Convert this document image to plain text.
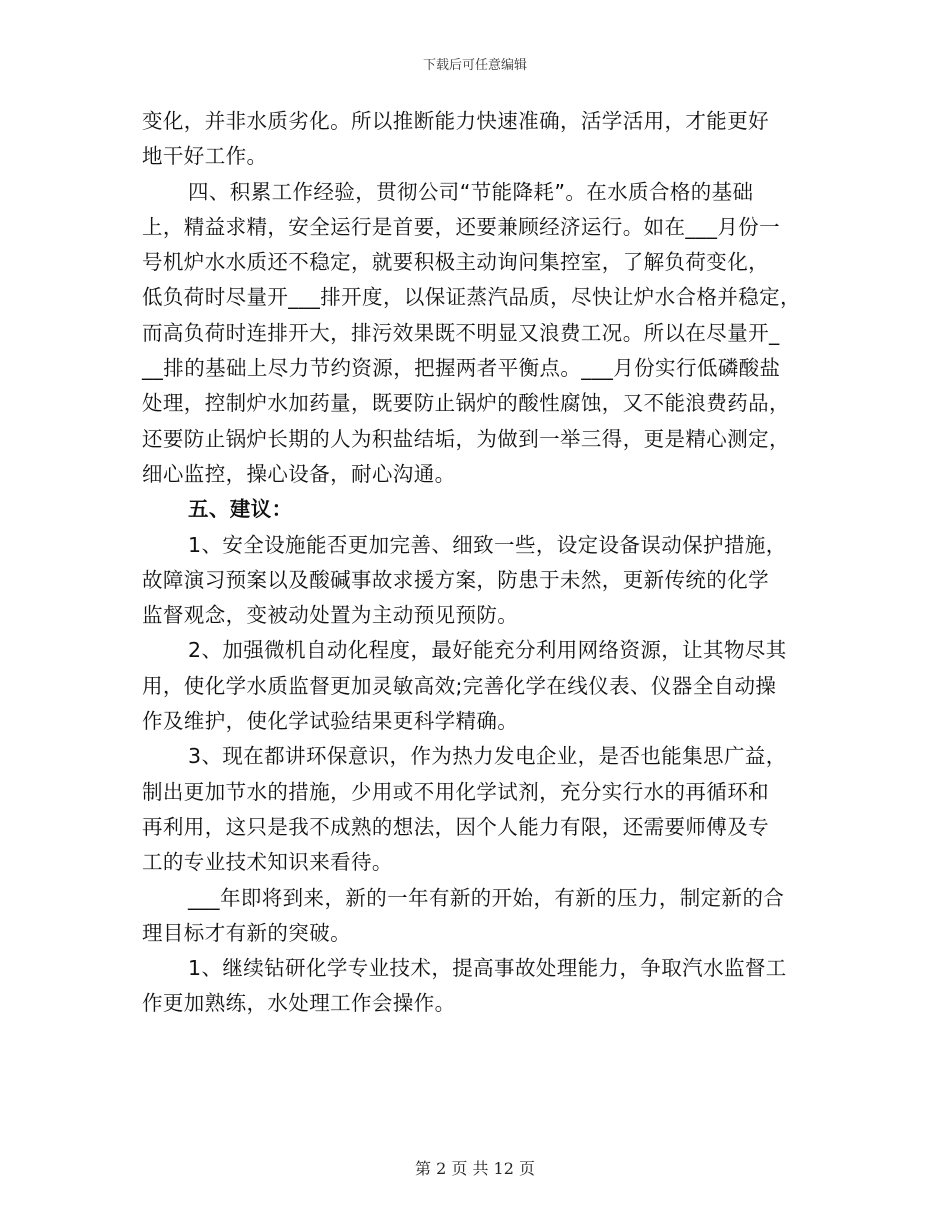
下载后可任意编辑
变化，并非水质劣化。所以推断能力快速准确，活学活用，才能更好
地干好工作。
四、积累工作经验，贯彻公司“节能降耗”。在水质合格的基础
上，精益求精，安全运行是首要，还要兼顾经济运行。如在___月份一
号机炉水水质还不稳定，就要积极主动询问集控室，了解负荷变化，
低负荷时尽量开___排开度，以保证蒸汽品质，尽快让炉水合格并稳定，
而高负荷时连排开大，排污效果既不明显又浪费工况。所以在尽量开_
__排的基础上尽力节约资源，把握两者平衡点。___月份实行低磷酸盐
处理，控制炉水加药量，既要防止锅炉的酸性腐蚀，又不能浪费药品，
还要防止锅炉长期的人为积盐结垢，为做到一举三得，更是精心测定，
细心监控，操心设备，耐心沟通。
五、建议：
1、安全设施能否更加完善、细致一些，设定设备误动保护措施，
故障演习预案以及酸碱事故求援方案，防患于未然，更新传统的化学
监督观念，变被动处置为主动预见预防。
2、加强微机自动化程度，最好能充分利用网络资源，让其物尽其
用，使化学水质监督更加灵敏高效;完善化学在线仪表、仪器全自动操
作及维护，使化学试验结果更科学精确。
3、现在都讲环保意识，作为热力发电企业，是否也能集思广益，
制出更加节水的措施，少用或不用化学试剂，充分实行水的再循环和
再利用，这只是我不成熟的想法，因个人能力有限，还需要师傅及专
工的专业技术知识来看待。
___年即将到来，新的一年有新的开始，有新的压力，制定新的合
理目标才有新的突破。
1、继续钻研化学专业技术，提高事故处理能力，争取汽水监督工
作更加熟练，水处理工作会操作。
第 2 页 共 12 页
